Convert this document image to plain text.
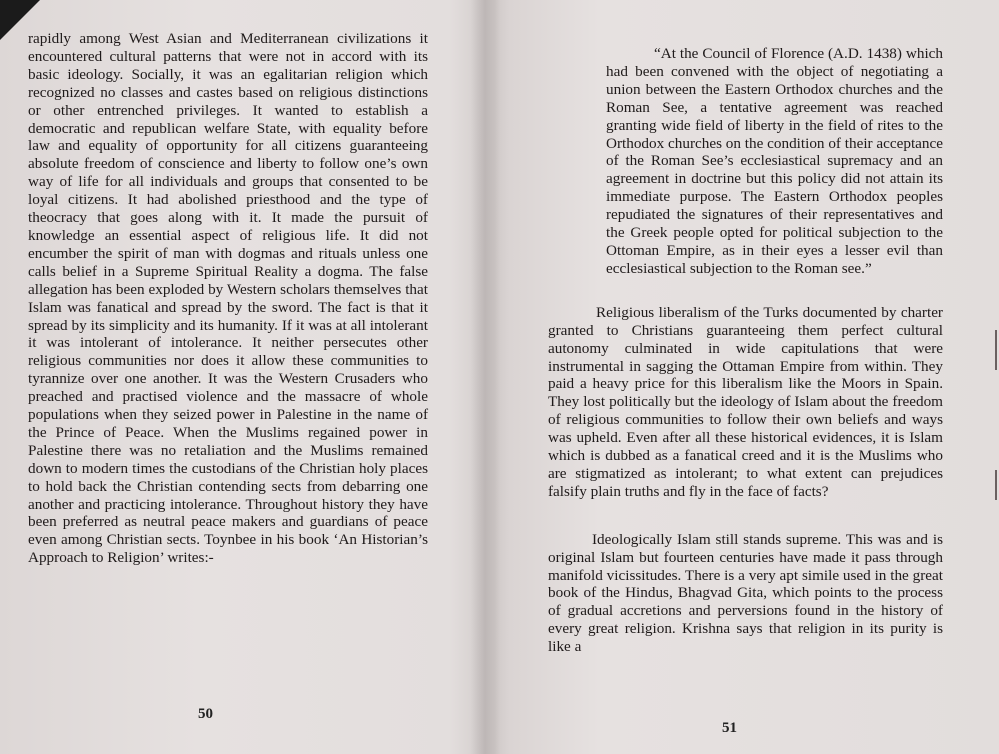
rapidly among West Asian and Mediterranean civilizations it encountered cultural patterns that were not in accord with its basic ideology. Socially, it was an egalitarian religion which recognized no classes and castes based on religious distinctions or other entrenched privileges. It wanted to establish a democratic and republican welfare State, with equality before law and equality of opportunity for all citizens guaranteeing absolute freedom of conscience and liberty to follow one’s own way of life for all individuals and groups that consented to be loyal citizens. It had abolished priesthood and the type of theocracy that goes along with it. It made the pursuit of knowledge an essential aspect of religious life. It did not encumber the spirit of man with dogmas and rituals unless one calls belief in a Supreme Spiritual Reality a dogma. The false allegation has been exploded by Western scholars themselves that Islam was fanatical and spread by the sword. The fact is that it spread by its simplicity and its humanity. If it was at all intolerant it was intolerant of intolerance. It neither persecutes other religious communities nor does it allow these communities to tyrannize over one another. It was the Western Crusaders who preached and practised violence and the massacre of whole populations when they seized power in Palestine in the name of the Prince of Peace. When the Muslims regained power in Palestine there was no retaliation and the Muslims remained down to modern times the custodians of the Christian holy places to hold back the Christian contending sects from debarring one another and practicing intolerance. Throughout history they have been preferred as neutral peace makers and guardians of peace even among Christian sects. Toynbee in his book ‘An Historian’s Approach to Religion’ writes:-

50

“At the Council of Florence (A.D. 1438) which had been convened with the object of negotiating a union between the Eastern Orthodox churches and the Roman See, a tentative agreement was reached granting wide field of liberty in the field of rites to the Orthodox churches on the condition of their acceptance of the Roman See’s ecclesiastical supremacy and an agreement in doctrine but this policy did not attain its immediate purpose. The Eastern Orthodox peoples repudiated the signatures of their representatives and the Greek people opted for political subjection to the Ottoman Empire, as in their eyes a lesser evil than ecclesiastical subjection to the Roman see.”

Religious liberalism of the Turks documented by charter granted to Christians guaranteeing them perfect cultural autonomy culminated in wide capitulations that were instrumental in sagging the Ottaman Empire from within. They paid a heavy price for this liberalism like the Moors in Spain. They lost politically but the ideology of Islam about the freedom of religious communities to follow their own beliefs and ways was upheld. Even after all these historical evidences, it is Islam which is dubbed as a fanatical creed and it is the Muslims who are stigmatized as intolerant; to what extent can prejudices falsify plain truths and fly in the face of facts?

Ideologically Islam still stands supreme. This was and is original Islam but fourteen centuries have made it pass through manifold vicissitudes. There is a very apt simile used in the great book of the Hindus, Bhagvad Gita, which points to the process of gradual accretions and perversions found in the history of every great religion. Krishna says that religion in its purity is like a

51
